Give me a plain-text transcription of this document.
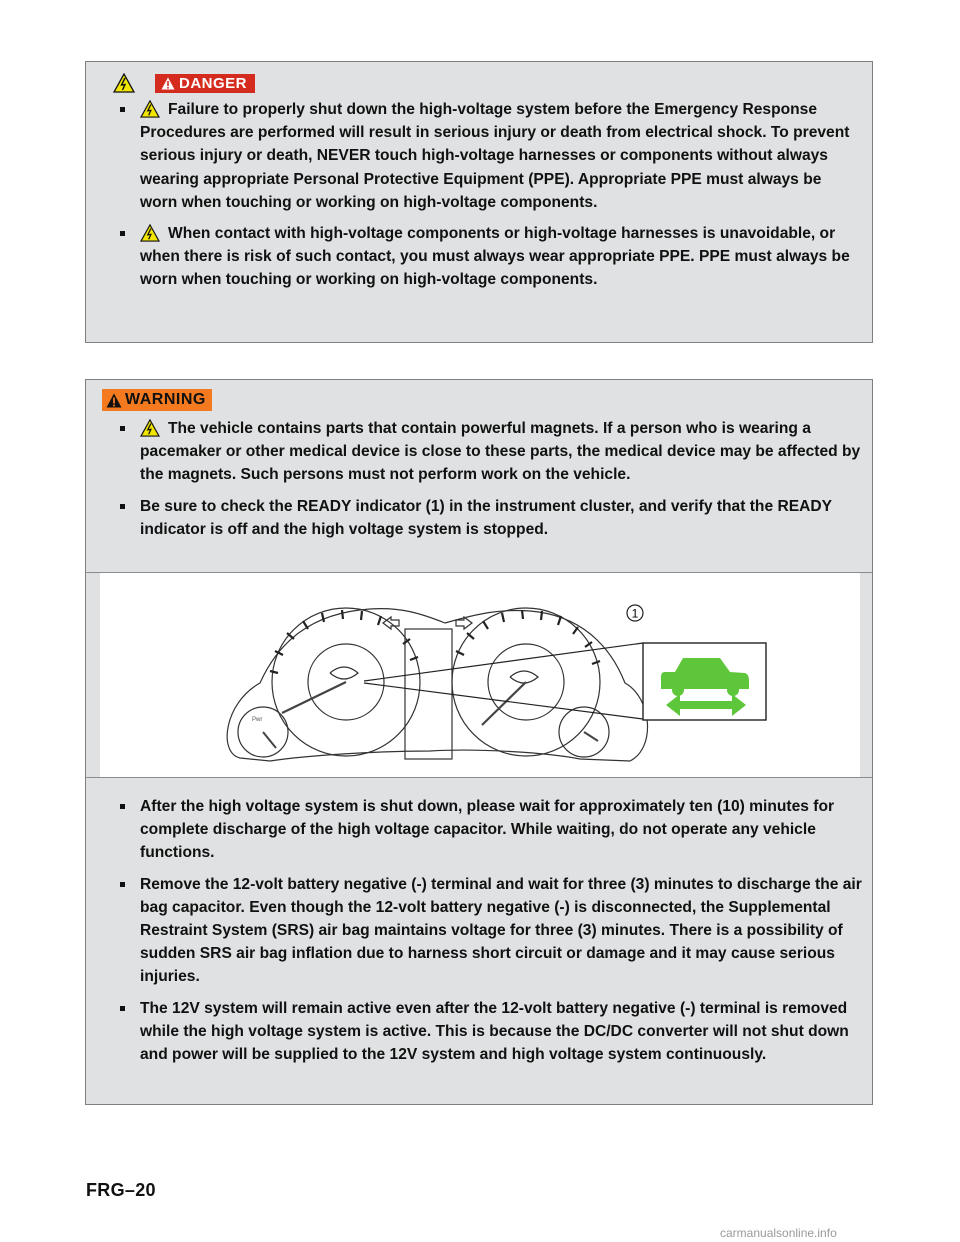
DANGER
Failure to properly shut down the high-voltage system before the Emergency Response Procedures are performed will result in serious injury or death from electrical shock. To prevent serious injury or death, NEVER touch high-voltage harnesses or components without always wearing appropriate Personal Protective Equipment (PPE). Appropriate PPE must always be worn when touching or working on high-voltage components.
When contact with high-voltage components or high-voltage harnesses is unavoidable, or when there is risk of such contact, you must always wear appropriate PPE. PPE must always be worn when touching or working on high-voltage components.
WARNING
The vehicle contains parts that contain powerful magnets. If a person who is wearing a pacemaker or other medical device is close to these parts, the medical device may be affected by the magnets. Such persons must not perform work on the vehicle.
Be sure to check the READY indicator (1) in the instrument cluster, and verify that the READY indicator is off and the high voltage system is stopped.
1
Pwr
After the high voltage system is shut down, please wait for approximately ten (10) minutes for complete discharge of the high voltage capacitor. While waiting, do not operate any vehicle functions.
Remove the 12-volt battery negative (-) terminal and wait for three (3) minutes to discharge the air bag capacitor. Even though the 12-volt battery negative (-) is disconnected, the Supplemental Restraint System (SRS) air bag maintains voltage for three (3) minutes. There is a possibility of sudden SRS air bag inflation due to harness short circuit or damage and it may cause serious injuries.
The 12V system will remain active even after the 12-volt battery negative (-) terminal is removed while the high voltage system is active. This is because the DC/DC converter will not shut down and power will be supplied to the 12V system and high voltage system continuously.
FRG–20
carmanualsonline.info
